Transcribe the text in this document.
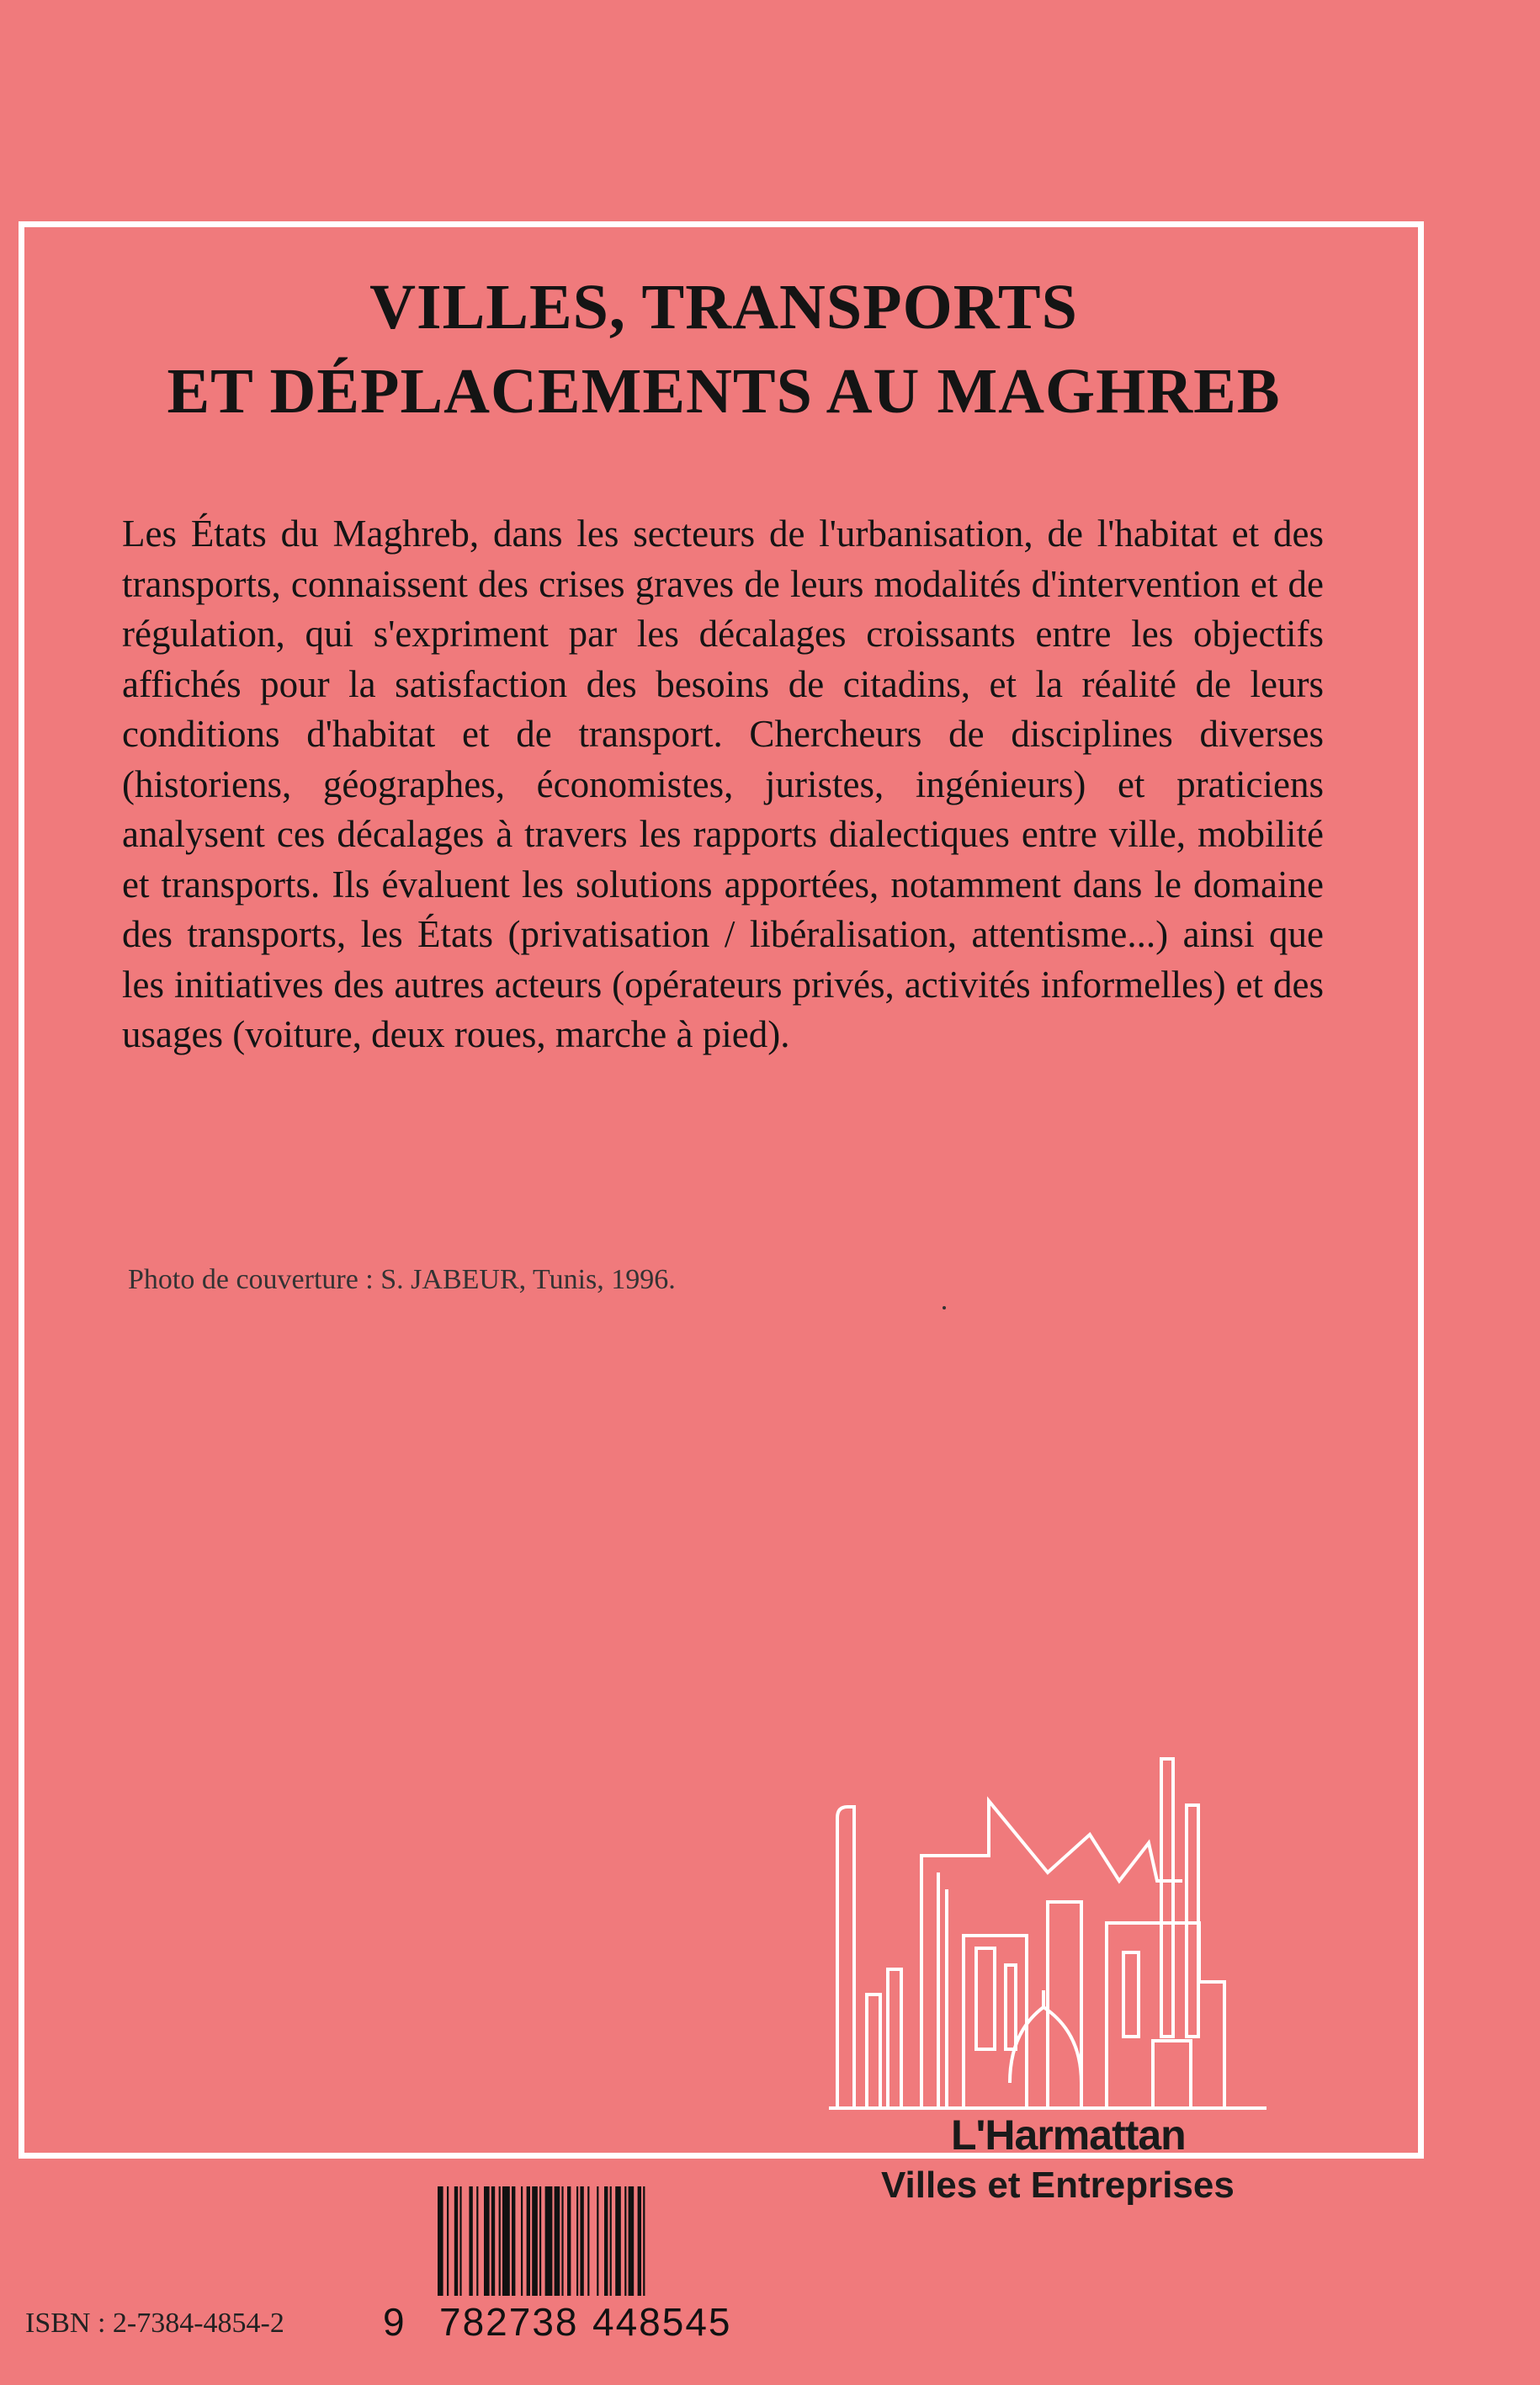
VILLES, TRANSPORTS
ET DÉPLACEMENTS AU MAGHREB

Les États du Maghreb, dans les secteurs de l'urbanisation, de l'habitat et des transports, connaissent des crises graves de leurs modalités d'intervention et de régulation, qui s'expriment par les décalages croissants entre les objectifs affichés pour la satisfaction des besoins de citadins, et la réalité de leurs conditions d'habitat et de transport. Chercheurs de disciplines diverses (historiens, géographes, économistes, juristes, ingénieurs) et praticiens analysent ces décalages à travers les rapports dialectiques entre ville, mobilité et transports. Ils évaluent les solutions apportées, notamment dans le domaine des transports, les États (privatisation / libéralisation, attentisme...) ainsi que les initiatives des autres acteurs (opérateurs privés, activités informelles) et des usages (voiture, deux roues, marche à pied).

Photo de couverture : S. JABEUR, Tunis, 1996.

L'Harmattan

Villes et Entreprises

ISBN : 2-7384-4854-2	9 782738 448545
